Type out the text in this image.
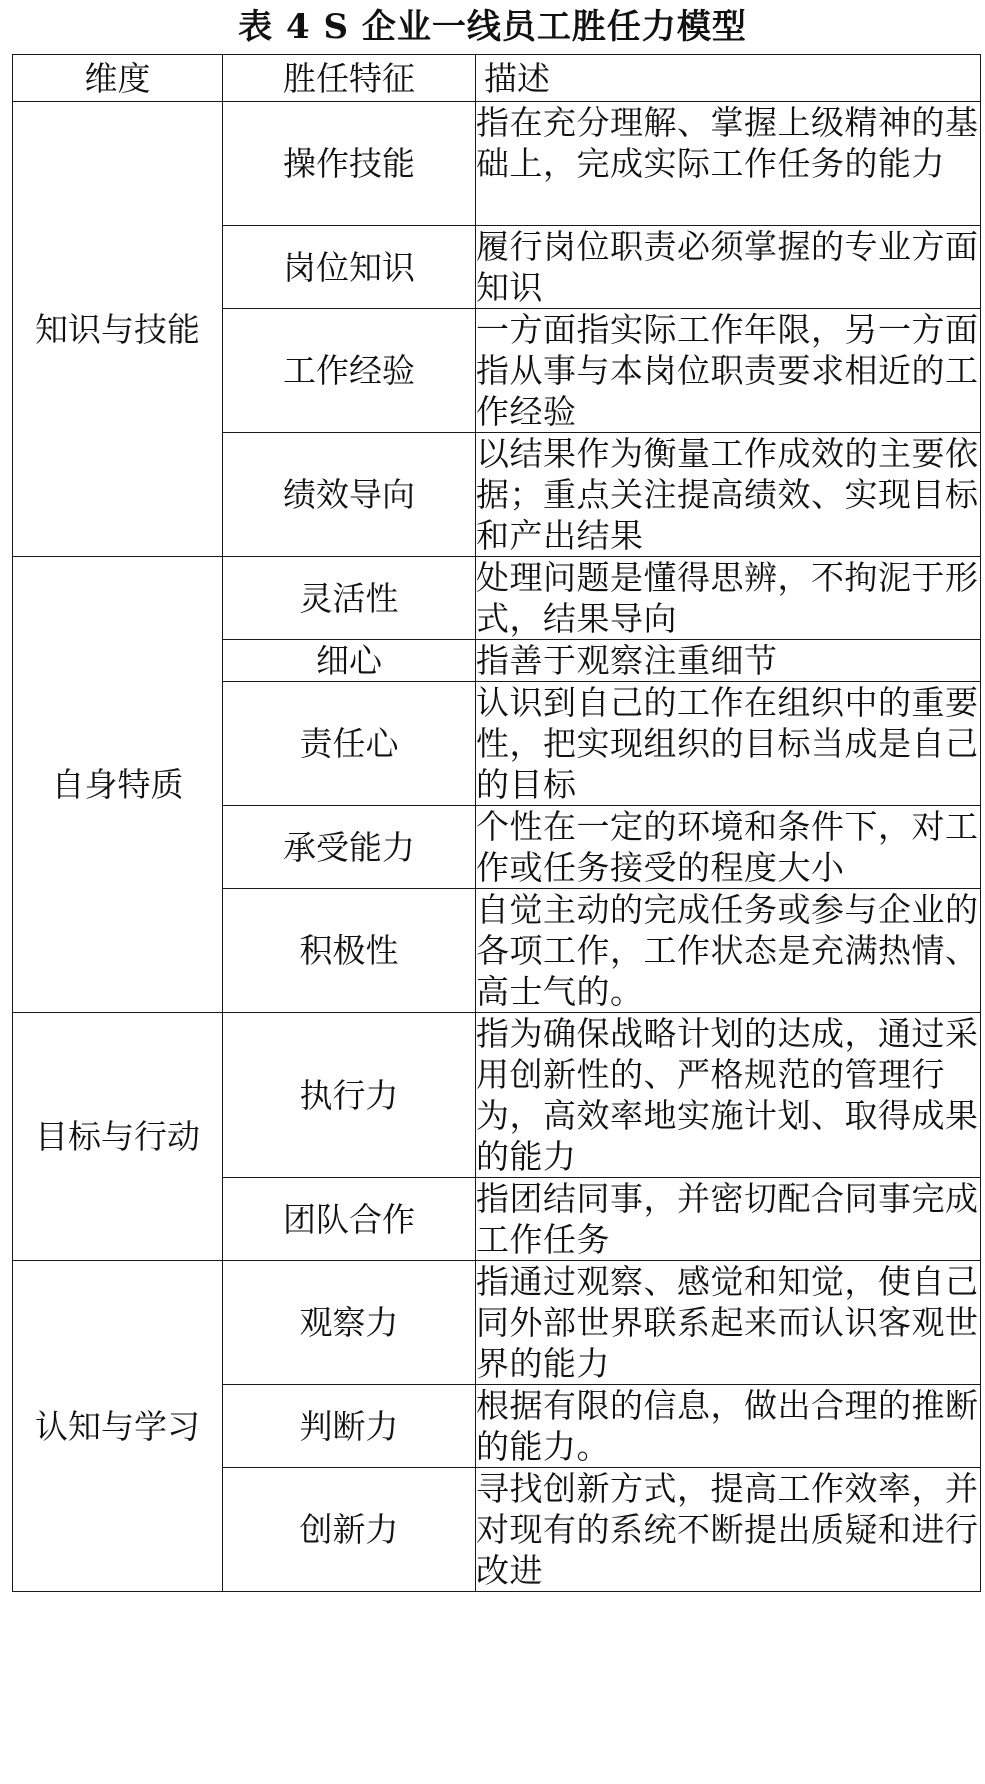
表 4 S 企业一线员工胜任力模型
维度	胜任特征	描述
知识与技能	操作技能	指在充分理解、掌握上级精神的基础上，完成实际工作任务的能力
	岗位知识	履行岗位职责必须掌握的专业方面知识
	工作经验	一方面指实际工作年限，另一方面指从事与本岗位职责要求相近的工作经验
	绩效导向	以结果作为衡量工作成效的主要依据；重点关注提高绩效、实现目标和产出结果
自身特质	灵活性	处理问题是懂得思辨，不拘泥于形式，结果导向
	细心	指善于观察注重细节
	责任心	认识到自己的工作在组织中的重要性，把实现组织的目标当成是自己的目标
	承受能力	个性在一定的环境和条件下，对工作或任务接受的程度大小
	积极性	自觉主动的完成任务或参与企业的各项工作，工作状态是充满热情、高士气的。
目标与行动	执行力	指为确保战略计划的达成，通过采用创新性的、严格规范的管理行为，高效率地实施计划、取得成果的能力
	团队合作	指团结同事，并密切配合同事完成工作任务
认知与学习	观察力	指通过观察、感觉和知觉，使自己同外部世界联系起来而认识客观世界的能力
	判断力	根据有限的信息，做出合理的推断的能力。
	创新力	寻找创新方式，提高工作效率，并对现有的系统不断提出质疑和进行改进
